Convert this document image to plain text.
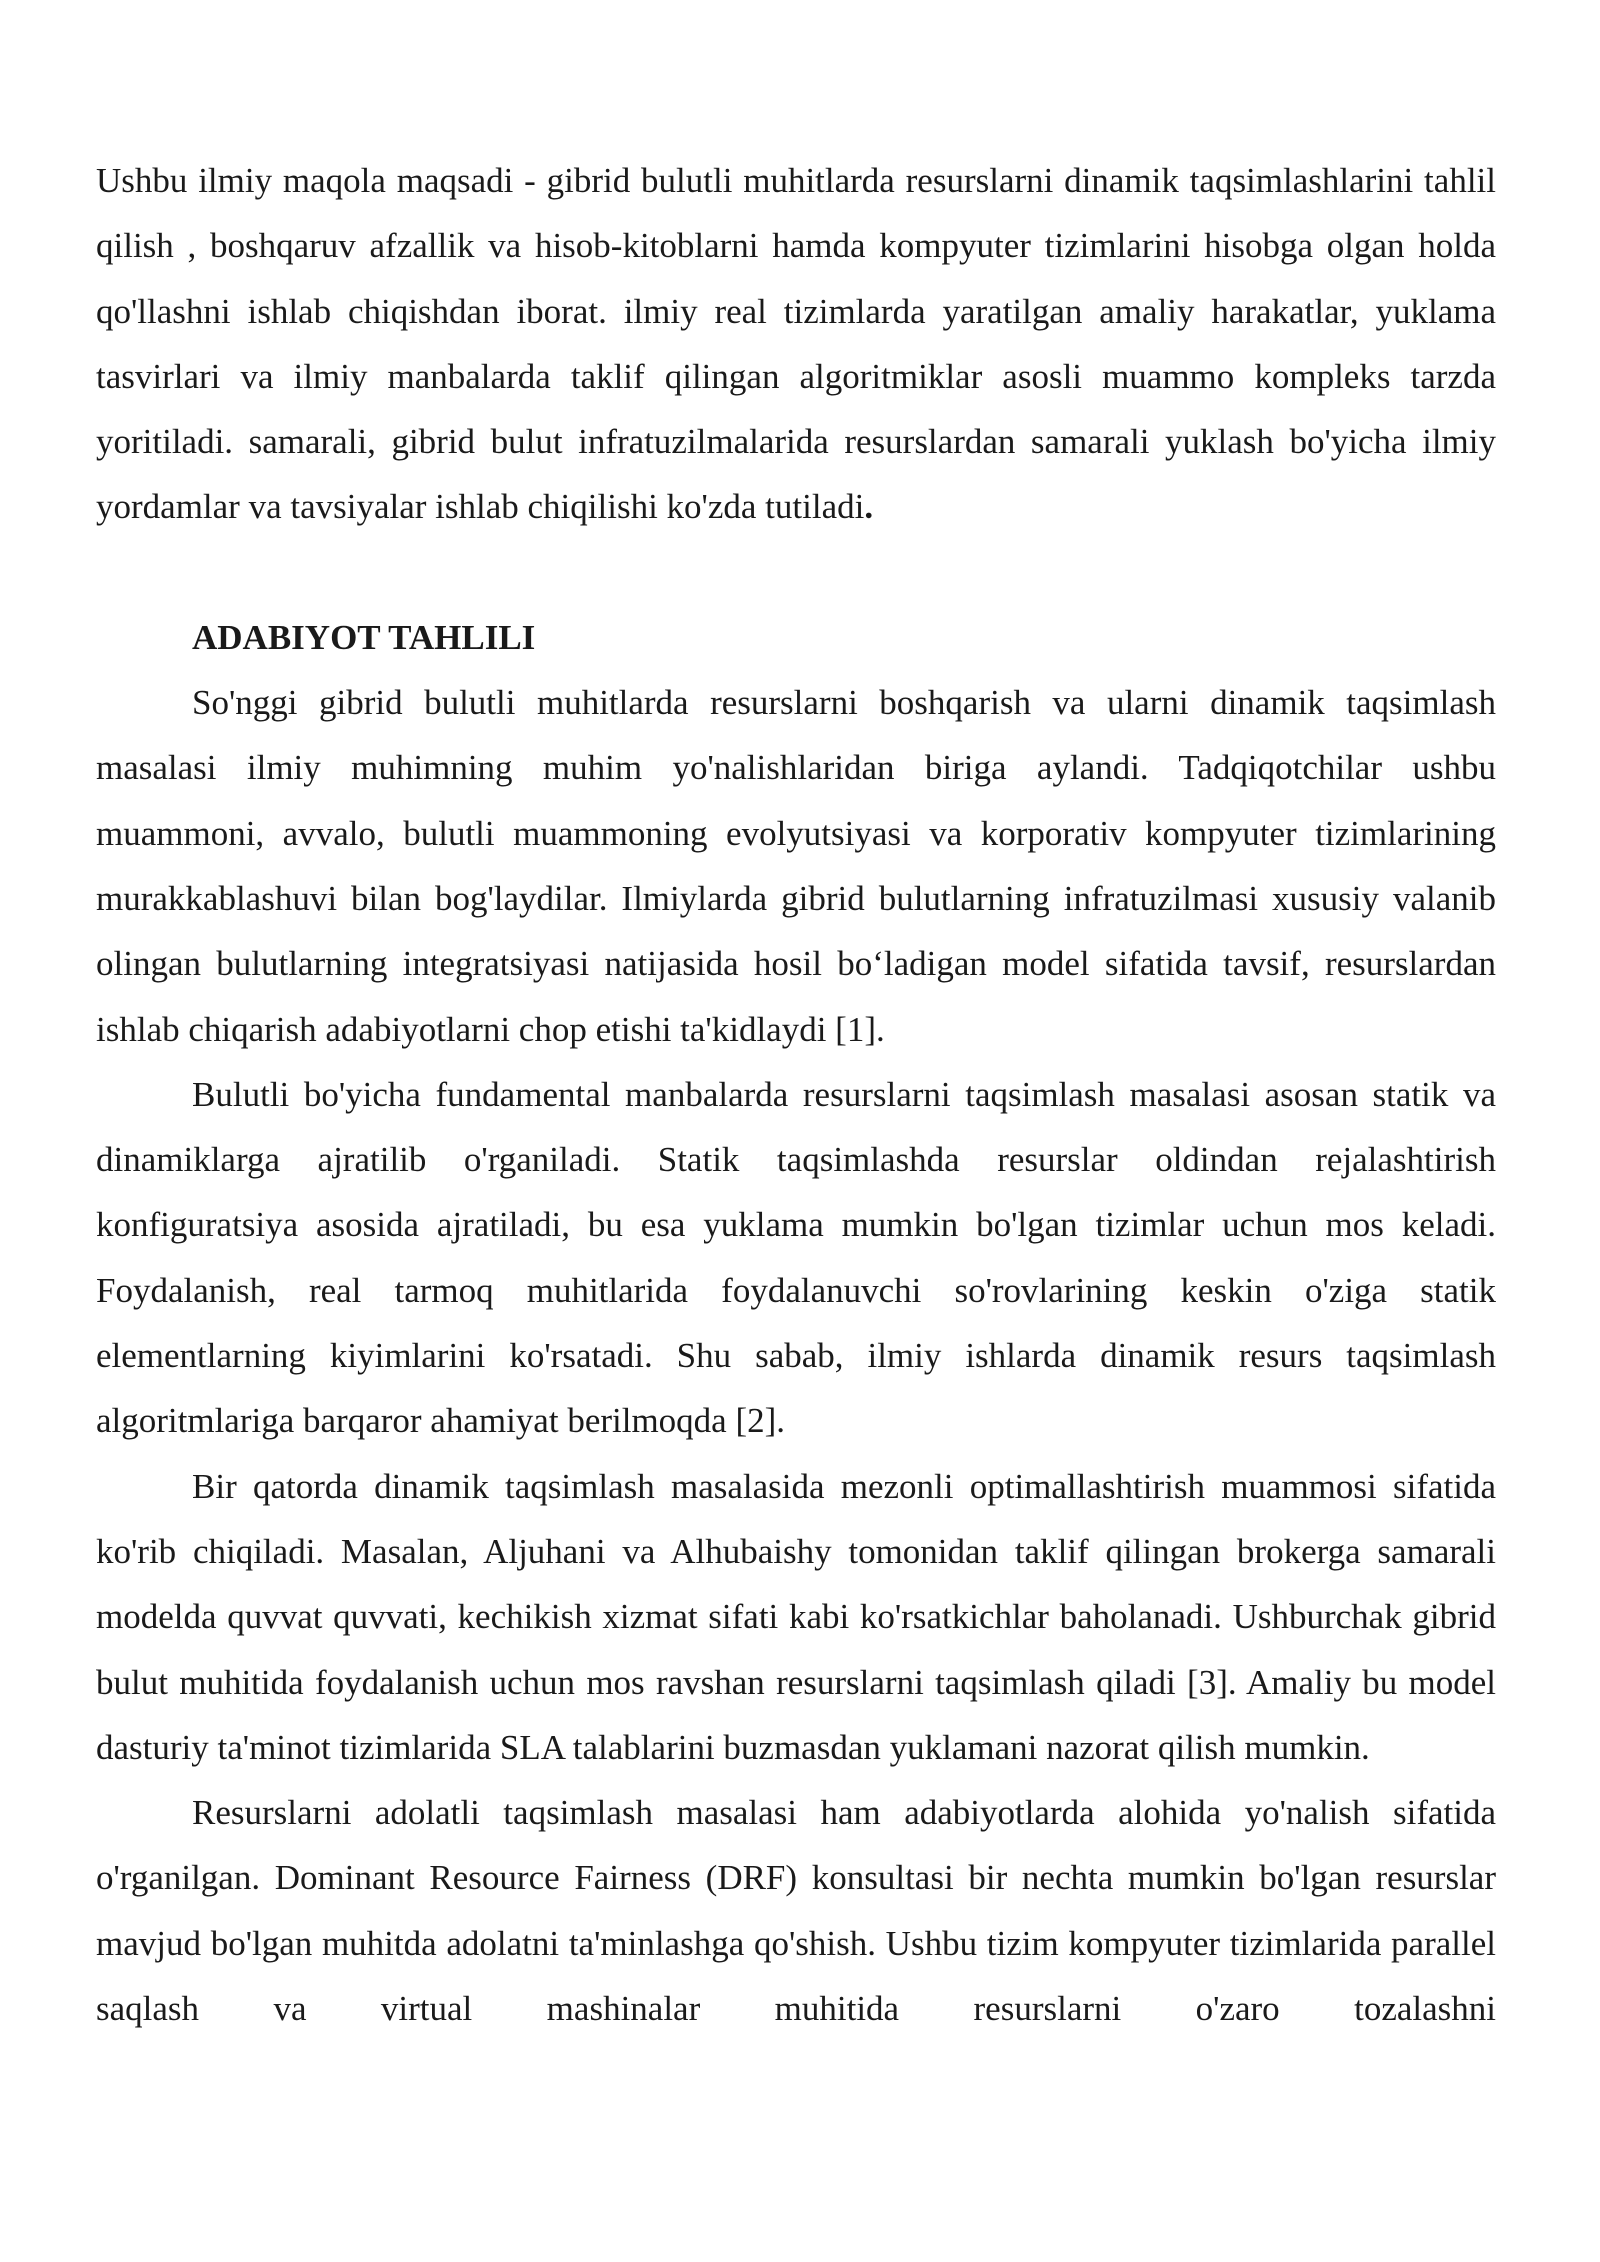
Ushbu ilmiy maqola maqsadi - gibrid bulutli muhitlarda resurslarni dinamik taqsimlashlarini tahlil qilish , boshqaruv afzallik va hisob-kitoblarni hamda kompyuter tizimlarini hisobga olgan holda qo'llashni ishlab chiqishdan iborat. ilmiy real tizimlarda yaratilgan amaliy harakatlar, yuklama tasvirlari va ilmiy manbalarda taklif qilingan algoritmiklar asosli muammo kompleks tarzda yoritiladi. samarali, gibrid bulut infratuzilmalarida resurslardan samarali yuklash bo'yicha ilmiy yordamlar va tavsiyalar ishlab chiqilishi ko'zda tutiladi.

ADABIYOT TAHLILI

So'nggi gibrid bulutli muhitlarda resurslarni boshqarish va ularni dinamik taqsimlash masalasi ilmiy muhimning muhim yo'nalishlaridan biriga aylandi. Tadqiqotchilar ushbu muammoni, avvalo, bulutli muammoning evolyutsiyasi va korporativ kompyuter tizimlarining murakkablashuvi bilan bog'laydilar. Ilmiylarda gibrid bulutlarning infratuzilmasi xususiy valanib olingan bulutlarning integratsiyasi natijasida hosil bo‘ladigan model sifatida tavsif, resurslardan ishlab chiqarish adabiyotlarni chop etishi ta'kidlaydi [1].

Bulutli bo'yicha fundamental manbalarda resurslarni taqsimlash masalasi asosan statik va dinamiklarga ajratilib o'rganiladi. Statik taqsimlashda resurslar oldindan rejalashtirish konfiguratsiya asosida ajratiladi, bu esa yuklama mumkin bo'lgan tizimlar uchun mos keladi. Foydalanish, real tarmoq muhitlarida foydalanuvchi so'rovlarining keskin o'ziga statik elementlarning kiyimlarini ko'rsatadi. Shu sabab, ilmiy ishlarda dinamik resurs taqsimlash algoritmlariga barqaror ahamiyat berilmoqda [2].

Bir qatorda dinamik taqsimlash masalasida mezonli optimallashtirish muammosi sifatida ko'rib chiqiladi. Masalan, Aljuhani va Alhubaishy tomonidan taklif qilingan brokerga samarali modelda quvvat quvvati, kechikish xizmat sifati kabi ko'rsatkichlar baholanadi. Ushburchak gibrid bulut muhitida foydalanish uchun mos ravshan resurslarni taqsimlash qiladi [3]. Amaliy bu model dasturiy ta'minot tizimlarida SLA talablarini buzmasdan yuklamani nazorat qilish mumkin.

Resurslarni adolatli taqsimlash masalasi ham adabiyotlarda alohida yo'nalish sifatida o'rganilgan. Dominant Resource Fairness (DRF) konsultasi bir nechta mumkin bo'lgan resurslar mavjud bo'lgan muhitda adolatni ta'minlashga qo'shish. Ushbu tizim kompyuter tizimlarida parallel saqlash va virtual mashinalar muhitida resurslarni o'zaro tozalashni
